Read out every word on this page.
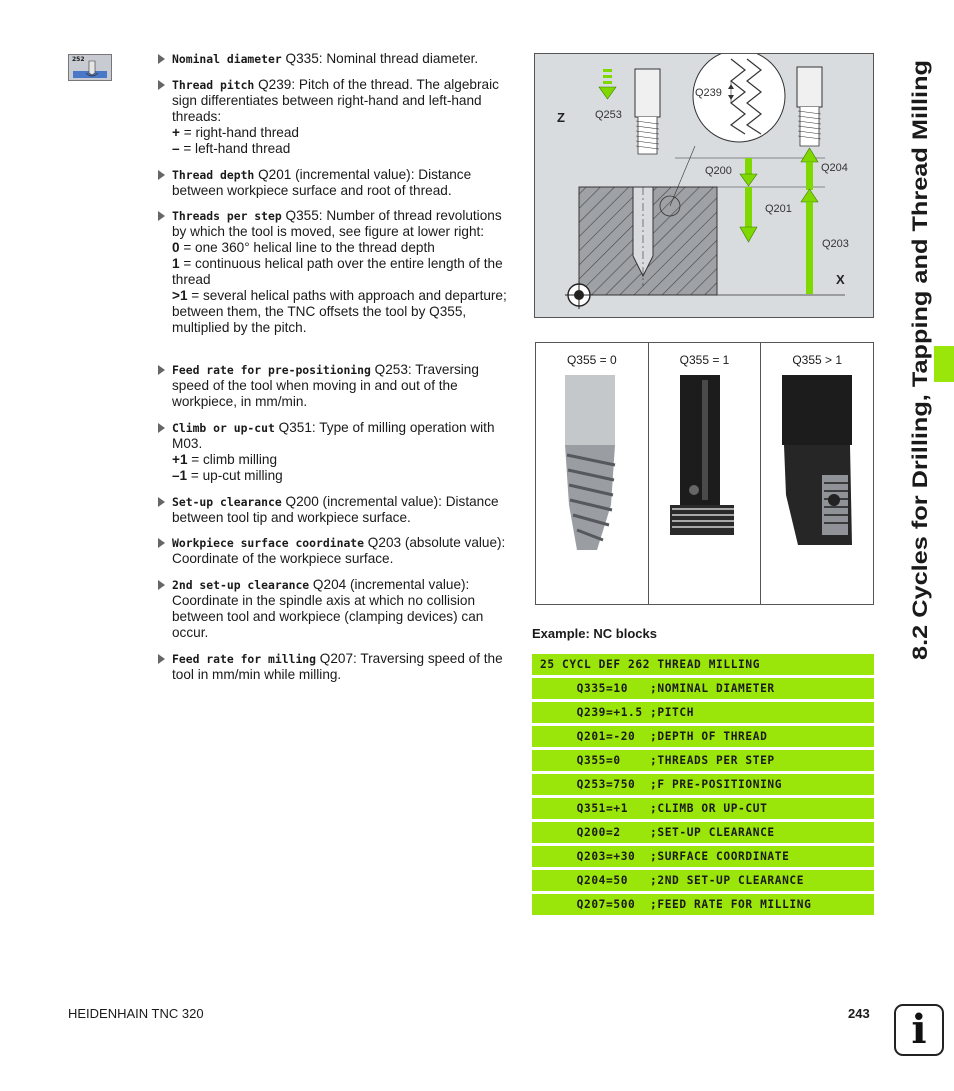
252	Nominal diameter Q335: Nominal thread diameter.
Thread pitch Q239: Pitch of the thread. The algebraic sign differentiates between right-hand and left-hand threads:
+ = right-hand thread
– = left-hand thread
Thread depth Q201 (incremental value): Distance between workpiece surface and root of thread.
Threads per step Q355: Number of thread revolutions by which the tool is moved, see figure at lower right:
0 = one 360° helical line to the thread depth
1 = continuous helical path over the entire length of the thread
>1 = several helical paths with approach and departure; between them, the TNC offsets the tool by Q355, multiplied by the pitch.
Feed rate for pre-positioning Q253: Traversing speed of the tool when moving in and out of the workpiece, in mm/min.
Climb or up-cut Q351: Type of milling operation with M03.
+1 = climb milling
–1 = up-cut milling
Set-up clearance Q200 (incremental value): Distance between tool tip and workpiece surface.
Workpiece surface coordinate Q203 (absolute value): Coordinate of the workpiece surface.
2nd set-up clearance Q204 (incremental value): Coordinate in the spindle axis at which no collision between tool and workpiece (clamping devices) can occur.
Feed rate for milling Q207: Traversing speed of the tool in mm/min while milling.
Q253
Z
Q239
Q200
Q201
Q204
Q203
X
Q355 = 0	Q355 = 1	Q355 > 1
Example: NC blocks
25 CYCL DEF 262 THREAD MILLING
Q335=10   ;NOMINAL DIAMETER
Q239=+1.5 ;PITCH
Q201=-20  ;DEPTH OF THREAD
Q355=0    ;THREADS PER STEP
Q253=750  ;F PRE-POSITIONING
Q351=+1   ;CLIMB OR UP-CUT
Q200=2    ;SET-UP CLEARANCE
Q203=+30  ;SURFACE COORDINATE
Q204=50   ;2ND SET-UP CLEARANCE
Q207=500  ;FEED RATE FOR MILLING
8.2 Cycles for Drilling, Tapping and Thread Milling
HEIDENHAIN TNC 320	243	i
